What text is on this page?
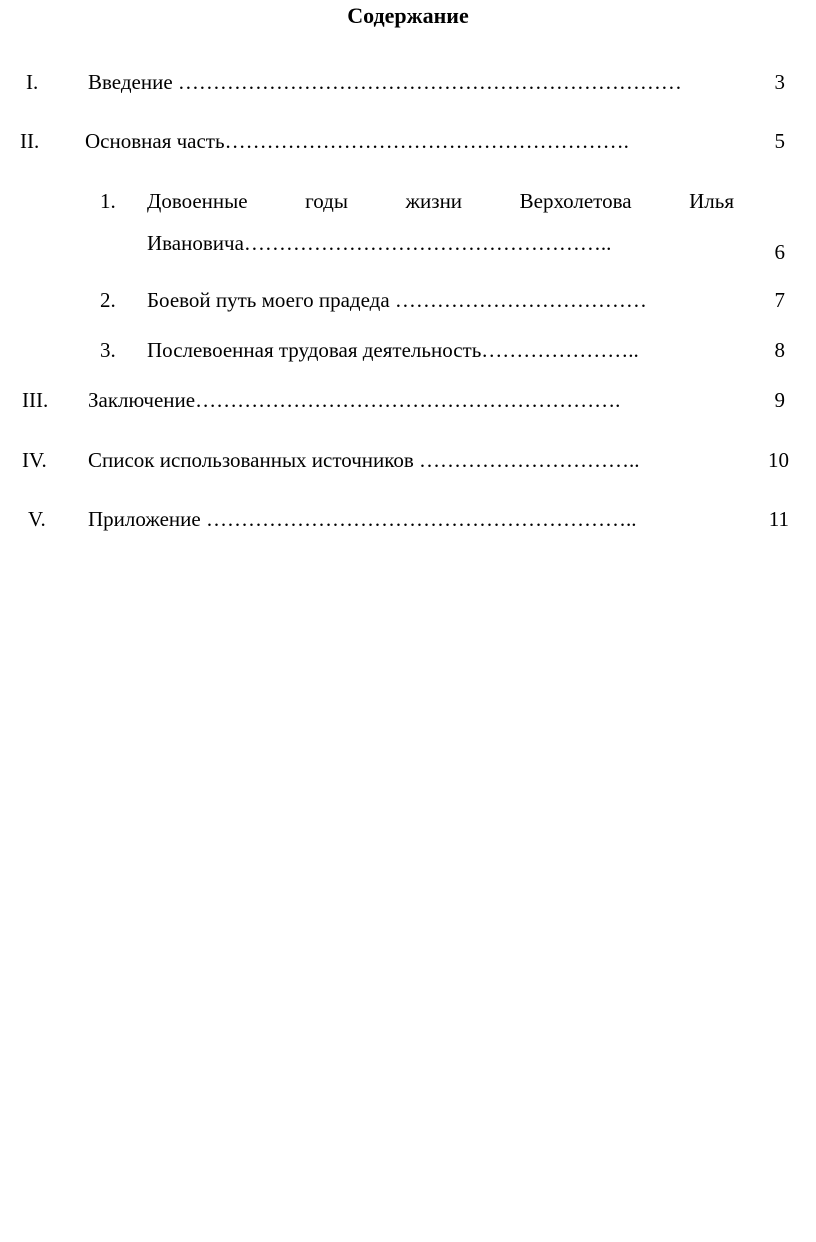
Содержание
I. Введение ………………………………………………………………	3
II. Основная часть………………………………………………….	5
1. Довоенные годы жизни Верхолетова Илья
Ивановича……………………………………………..	6
2. Боевой путь моего прадеда ………………………………	7
3. Послевоенная трудовая деятельность…………………..	8
III. Заключение…………………………………………………….	9
IV. Список использованных источников …………………………..	10
V. Приложение ……………………………………………………..	11
